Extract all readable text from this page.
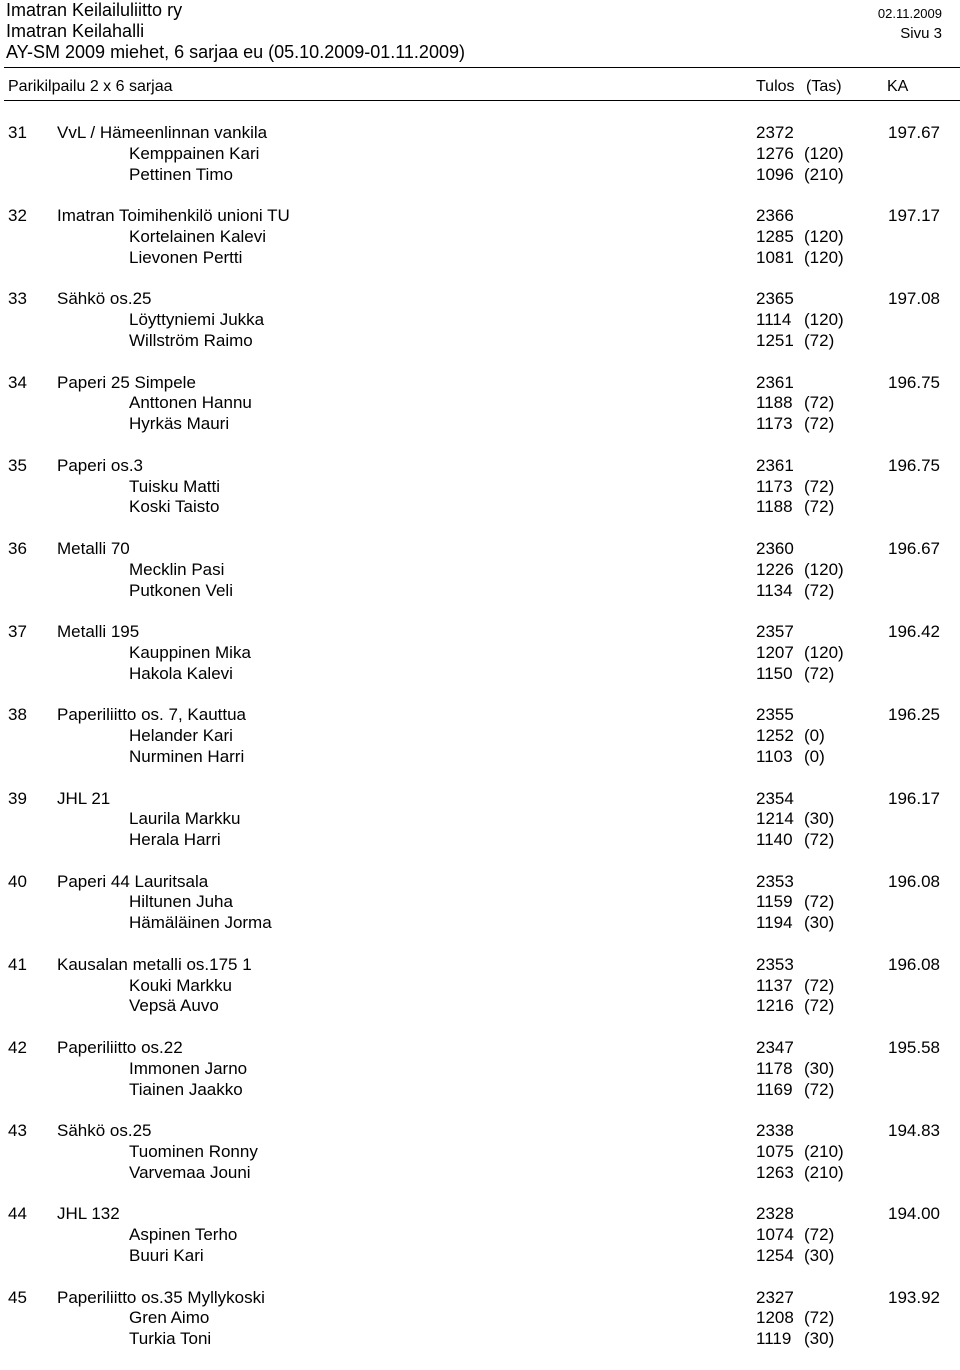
Imatran Keilailuliitto ry	02.11.2009
Imatran Keilahalli	Sivu 3
AY-SM 2009 miehet, 6 sarjaa eu (05.10.2009-01.11.2009)
Parikilpailu 2 x 6 sarjaa	Tulos (Tas)	KA
31 VvL / Hämeenlinnan vankila	2372	197.67
Kemppainen Kari	1276 (120)
Pettinen Timo	1096 (210)
32 Imatran Toimihenkilö unioni TU	2366	197.17
Kortelainen Kalevi	1285 (120)
Lievonen Pertti	1081 (120)
33 Sähkö os.25	2365	197.08
Löyttyniemi Jukka	1114 (120)
Willström Raimo	1251 (72)
34 Paperi 25 Simpele	2361	196.75
Anttonen Hannu	1188 (72)
Hyrkäs Mauri	1173 (72)
35 Paperi os.3	2361	196.75
Tuisku Matti	1173 (72)
Koski Taisto	1188 (72)
36 Metalli 70	2360	196.67
Mecklin Pasi	1226 (120)
Putkonen Veli	1134 (72)
37 Metalli 195	2357	196.42
Kauppinen Mika	1207 (120)
Hakola Kalevi	1150 (72)
38 Paperiliitto os. 7, Kauttua	2355	196.25
Helander Kari	1252 (0)
Nurminen Harri	1103 (0)
39 JHL 21	2354	196.17
Laurila Markku	1214 (30)
Herala Harri	1140 (72)
40 Paperi 44 Lauritsala	2353	196.08
Hiltunen Juha	1159 (72)
Hämäläinen Jorma	1194 (30)
41 Kausalan metalli os.175 1	2353	196.08
Kouki Markku	1137 (72)
Vepsä Auvo	1216 (72)
42 Paperiliitto os.22	2347	195.58
Immonen Jarno	1178 (30)
Tiainen Jaakko	1169 (72)
43 Sähkö os.25	2338	194.83
Tuominen Ronny	1075 (210)
Varvemaa Jouni	1263 (210)
44 JHL 132	2328	194.00
Aspinen Terho	1074 (72)
Buuri Kari	1254 (30)
45 Paperiliitto os.35 Myllykoski	2327	193.92
Gren Aimo	1208 (72)
Turkia Toni	1119 (30)
